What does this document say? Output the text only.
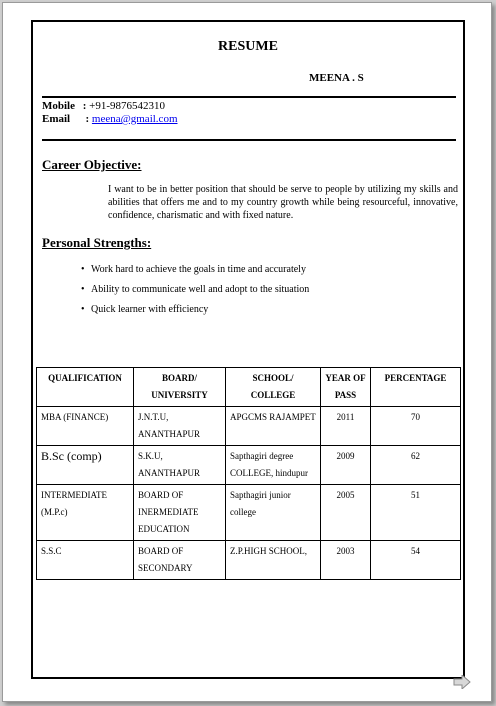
RESUME
MEENA . S
Mobile : +91-9876542310
Email  : meena@gmail.com
Career Objective:
I want to be in better position that should be serve to people by utilizing my skills and abilities that offers me and to my country growth while being resourceful, innovative, confidence, charismatic and with fixed nature.
Personal Strengths:
• Work hard to achieve the goals in time and accurately
• Ability to communicate well and adopt to the situation
• Quick learner with efficiency
QUALIFICATION	BOARD/ UNIVERSITY	SCHOOL/ COLLEGE	YEAR OF PASS	PERCENTAGE
MBA (FINANCE)	J.N.T.U, ANANTHAPUR	APGCMS RAJAMPET	2011	70
B.Sc (comp)	S.K.U, ANANTHAPUR	Sapthagiri degree COLLEGE, hindupur	2009	62
INTERMEDIATE (M.P.c)	BOARD OF INERMEDIATE EDUCATION	Sapthagiri junior college	2005	51
S.S.C	BOARD OF SECONDARY	Z.P.HIGH SCHOOL,	2003	54
